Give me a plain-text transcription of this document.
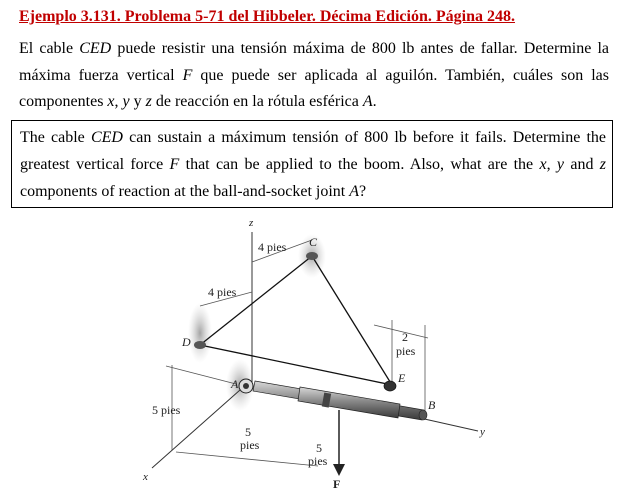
Ejemplo 3.131. Problema 5-71 del Hibbeler. Décima Edición. Página 248.
El cable CED puede resistir una tensión máxima de 800 lb antes de fallar. Determine la máxima fuerza vertical F que puede ser aplicada al aguilón. También, cuáles son las componentes x, y y z de reacción en la rótula esférica A.
The cable CED can sustain a máximum tensión of 800 lb before it fails. Determine the greatest vertical force F that can be applied to the boom. Also, what are the x, y and z components of reaction at the ball-and-socket joint A?
z
x
y
4 pies
4 pies
2
pies
5 pies
5
pies	5
pies
C
D
A	E
B
F
